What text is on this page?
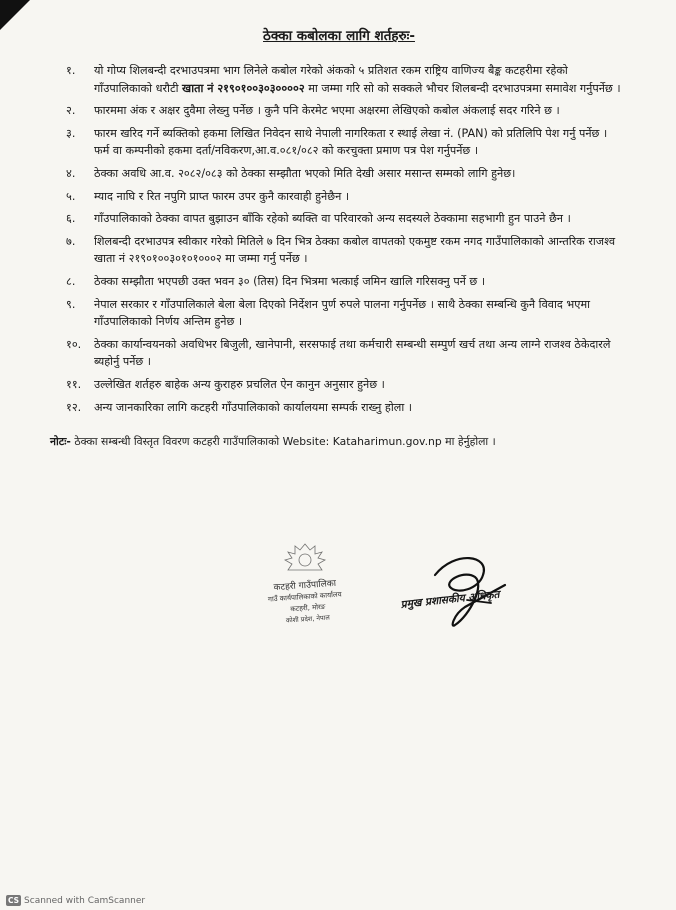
ठेक्का कबोलका लागि शर्तहरुः-
१.	यो गोप्य शिलबन्दी दरभाउपत्रमा भाग लिनेले कबोल गरेको अंकको ५ प्रतिशत रकम राष्ट्रिय वाणिज्य बैङ्क कटहरीमा रहेको गाँउपालिकाको धरौटी खाता नं २१९०१००३०३००००२ मा जम्मा गरि सो को सक्कले भौचर शिलबन्दी दरभाउपत्रमा समावेश गर्नुपर्नेछ ।
२.	फारममा अंक र अक्षर दुवैमा लेख्नु पर्नेछ । कुनै पनि केरमेट भएमा अक्षरमा लेखिएको कबोल अंकलाई सदर गरिने छ ।
३.	फारम खरिद गर्ने ब्यक्तिको हकमा लिखित निवेदन साथे नेपाली नागरिकता र स्थाई लेखा नं. (PAN) को प्रतिलिपि पेश गर्नु पर्नेछ । फर्म वा कम्पनीको हकमा दर्ता/नविकरण,आ.व.०८१/०८२ को करचुक्ता प्रमाण पत्र पेश गर्नुपर्नेछ ।
४.	ठेक्का अवधि आ.व. २०८२/०८३ को ठेक्का सम्झौता भएको मिति देखी असार मसान्त सम्मको लागि हुनेछ।
५.	म्याद नाघि र रित नपुगि प्राप्त फारम उपर कुनै कारवाही हुनेछैन ।
६.	गाँउपालिकाको ठेक्का वापत बुझाउन बाँकि रहेको ब्यक्ति वा परिवारको अन्य सदस्यले ठेक्कामा सहभागी हुन पाउने छैन ।
७.	शिलबन्दी दरभाउपत्र स्वीकार गरेको मितिले ७ दिन भित्र ठेक्का कबोल वापतको एकमुष्ट रकम नगद गाउँपालिकाको आन्तरिक राजश्व खाता नं २१९०१००३०१०१०००२ मा जम्मा गर्नु पर्नेछ ।
८.	ठेक्का सम्झौता भएपछी उक्त भवन ३० (तिस) दिन भित्रमा भत्काई जमिन खालि गरिसक्नु पर्ने छ ।
९.	नेपाल सरकार र गाँउपालिकाले बेला बेला दिएको निर्देशन पुर्ण रुपले पालना गर्नुपर्नेछ । साथै ठेक्का सम्बन्धि कुनै विवाद भएमा गाँउपालिकाको निर्णय अन्तिम हुनेछ ।
१०.	ठेक्का कार्यान्वयनको अवधिभर बिजुली, खानेपानी, सरसफाई तथा कर्मचारी सम्बन्धी सम्पुर्ण खर्च तथा अन्य लाग्ने राजश्व ठेकेदारले ब्यहोर्नु पर्नेछ ।
११.	उल्लेखित शर्तहरु बाहेक अन्य कुराहरु प्रचलित ऐन कानुन अनुसार हुनेछ ।
१२.	अन्य जानकारिका लागि कटहरी गाँउपालिकाको कार्यालयमा सम्पर्क राख्नु होला ।
नोटः- ठेक्का सम्बन्धी विस्तृत विवरण कटहरी गाउँपालिकाको Website: Kataharimun.gov.np मा हेर्नुहोला ।
कटहरी गाउँपालिका
गाउँ कार्यपालिकाको कार्यालय
कटहरी, मोरङ
कोशी प्रदेश, नेपाल
प्रमुख प्रशासकीय अधिकृत
CS Scanned with CamScanner
